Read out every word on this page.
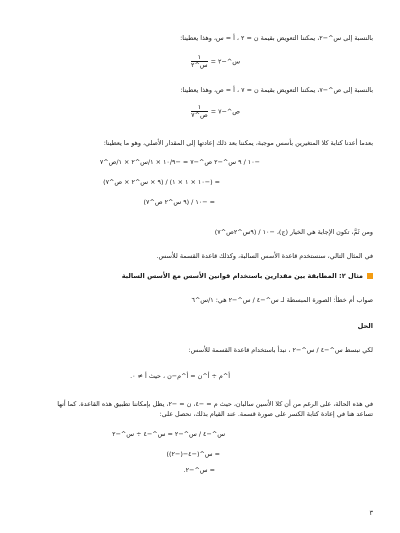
بالنسبة إلى س^−٢، يمكننا التعويض بقيمة ن = ٢ ، أ = س، وهذا يعطينا:
س^−٢ =
$\frac{١}{\text{س\textasciicircum{}٢}}$
بالنسبة إلى ص^−٧، يمكننا التعويض بقيمة ن = ٧ ، أ = ص، وهذا يعطينا:
ص^−٧ =
$\frac{١}{\text{ص\textasciicircum{}٧}}$
بعدما أعدنا كتابة كلا المتغيرين بأسس موجبة، يمكننا بعد ذلك إعادتها إلى المقدار الأصلي، وهو ما يعطينا:
−١٠ / ٩ س^−٢ ص^−٧ = −١٠/٩ × ١/س^٢ × ١/ص^٧
= (−١٠ × ١ × ١) / (٩ × س^٢ × ص^٧)
= −١٠ / (٩ س^٢ ص^٧)
ومن ثَمَّ، تكون الإجابة هي الخيار (ج)، −١٠ / (٩س^٢ص^٧)
في المثال التالي، سنستخدم قاعدة الأسس السالبة، وكذلك قاعدة القسمة للأسس.
مثال ٢: المطابقة بين مقدارين باستخدام قوانين الأسس مع الأسس السالبة
صواب أم خطأ: الصورة المبسطة لـ س^−٤ / س^−٢ هي: ١/س^٦
الحل
لكي نبسط س^−٤ / س^−٢ ، نبدأ باستخدام قاعدة القسمة للأسس:
أ^م ÷ أ^ن = أ^م−ن ، حيث أ ≠ ٠.
في هذه الحالة، على الرغم من أن كلا الأسين سالبان، حيث م = −٤، ن = −٢، يظل بإمكاننا تطبيق هذه القاعدة. كما أنها
تساعد هنا في إعادة كتابة الكسر على صورة قسمة. عند القيام بذلك، نحصل على:
س^−٤ / س^−٢ = س^−٤ ÷ س^−٢
= س^(−٤−(−٢))
= س^−٢.
٣
